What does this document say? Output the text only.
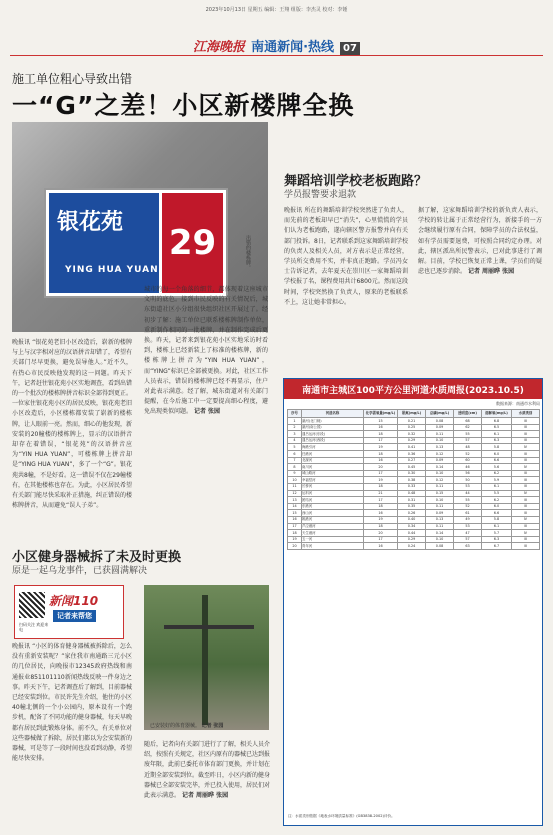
2023年10月13日 星期五 编辑：王翔 组版：李杰灵 校对：李锺
江海晚报 南通新闻·热线 07
施工单位粗心导致出错
一“G”之差！小区新楼牌全换
银花苑
YING HUA YUAN
29	出错的楼栋牌。
晚报讯 “银花苑老旧小区改造后，崭新的楼牌与上与汉字相对应的汉语拼音却错了，希望有关部门尽早更换，避免误导他人。”近不久，有热心市民反映他发现的这一问题。昨天下午，记者赶往银花苑小区实地调查，看到出错的一个批次的楼栋牌拼音标识全部得到更正。一位家住银花苑小区的居民反映，银花苑老旧小区改造后，小区楼栋都安装了崭新的楼栋牌，让人眼前一亮。然而，细心的他发现，新安装的20幢楼的楼栋牌上，显示的汉语拼音却存在着错误，“银花苑”的汉语拼音应为“YIN HUA YUAN”，可楼栋牌上拼音却是“YING HUA YUAN”，多了一个“G”。银花苑共8幢，不是好看。这一错误不仅在29幢楼有，在其他楼栋也存在。为此，小区居民希望有关部门能尽快采取补正措施，纠正错误的楼栋牌拼音，从而避免“误人子弟”。
城市的每一个角落的细节，都体现着这座城市文明的底色。接到市民反映的有关情况后，城东街道社区小分组很快组织社区开展过了。经初步了解：施工单位已联系楼栋牌制作单位，重新制作相同的一批楼牌，并在制作完成后更换。昨天，记者来到银花苑小区实地采访时看到，楼栋上已经新装上了标准的楼栋牌，新的楼栋牌上拼音为“YIN HUA YUAN”，而“YING”标识已全部被更换。对此，社区工作人员表示，错误的楼栋牌已经不再显示，住户对此表示满意。经了解，城东街道对有关部门提醒，在今后施工中一定要提高细心程度，避免出现类似问题。 记者 张园
小区健身器械拆了未及时更换
原是一起乌龙事件，已获圆满解决
新闻110
记者来帮您
扫码关注 欢迎来电
晚报讯 “小区的体育健身器械被拆除后，怎么没有重新安装呢？”家住我市南通路三元小区的几位居民，向晚报市12345政府热线和南通报业851101110新闻热线反映一件身边之事。昨天下午，记者调查后了解到，目前器械已经安装到位。市民许先生介绍，他住的小区40幢北侧的一个小公园内，原本设有一个跑步机，配备了不同功能的健身器械，每天早晚都有居民到此锻炼身体。前不久，有关单位对这些器械做了拆除，居民们都以为会安装新的器械，可是等了一段时间也没看到动静，希望能尽快安排。
已安装好的体育器械。 记者 张园
随后，记者向有关部门进行了了解，相关人员介绍，按照有关规定，社区内原有的器械已达到报废年限，此前已委托市体育部门更换，并计划在近期全部安装到位。截至昨日，小区内新的健身器械已全部安装完毕，并已投入使用，居民们对此表示满意。 记者 周丽晔 张园
舞蹈培训学校老板跑路？
学员报警要求退款
晚报讯 所在的舞蹈培训学校突然进了负责人，而先前的老板却早已“消失”，心里慌慌的学员们认为老板跑路，遂向辖区警方报警并向有关部门投诉。8日，记者联系到这家舞蹈培训学校的负责人及相关人员，对方表示是正常经营，学员所交费用不实，并非真正跑路。学员冯女士告诉记者，去年夏天在崇川区一家舞蹈培训学校报了名，课程费用共计6800元。然而这段时间，学校突然换了负责人，原来的老板联系不上，这让她非常担心。
据了解，这家舞蹈培训学校的新负责人表示，学校的转让属于正常经营行为，新接手的一方会继续履行原有合同，保障学员的合法权益，如有学员需要退费，可按照合同约定办理。对此，辖区派出所民警表示，已对此事进行了调解。目前，学校已恢复正常上课，学员们的疑虑也已逐步消除。 记者 周丽晔 张园
南通市主城区100平方公里河道水质周报(2023.10.5)
数据来源：南通市水利局
序号	河道名称	化学需氧量(mg/L)	氨氮(mg/L)	总磷(mg/L)	透明度(cm)	溶解氧(mg/L)	水质类别
1	濠河(北门闸)	15	0.21	0.08	68	6.8	Ⅲ
2	濠河(南公园)	16	0.25	0.09	62	6.5	Ⅲ
3	通吕运河(东段)	18	0.32	0.11	55	6.1	Ⅲ
4	通吕运河(西段)	17	0.29	0.10	57	6.3	Ⅲ
5	海港引河	19	0.41	0.13	48	5.8	Ⅳ
6	任港河	18	0.36	0.12	52	6.0	Ⅲ
7	北濠河	16	0.27	0.09	60	6.6	Ⅲ
8	南川河	20	0.45	0.14	46	5.6	Ⅳ
9	城山路河	17	0.30	0.10	56	6.2	Ⅲ
10	幸福竖河	19	0.38	0.12	50	5.9	Ⅲ
11	长桥河	18	0.33	0.11	53	6.1	Ⅲ
12	运料河	21	0.48	0.15	44	5.5	Ⅳ
13	团结河	17	0.31	0.10	55	6.2	Ⅲ
14	东港河	18	0.35	0.11	52	6.0	Ⅲ
15	西山河	16	0.26	0.09	61	6.6	Ⅲ
16	姚港河	19	0.40	0.13	49	5.8	Ⅳ
17	芦泾港河	18	0.34	0.11	53	6.1	Ⅲ
18	天生港河	20	0.44	0.14	47	5.7	Ⅳ
19	五一河	17	0.29	0.10	57	6.3	Ⅲ
20	青年河	16	0.24	0.08	63	6.7	Ⅲ
注：水质类别依据《地表水环境质量标准》(GB3838-2002)评价。
